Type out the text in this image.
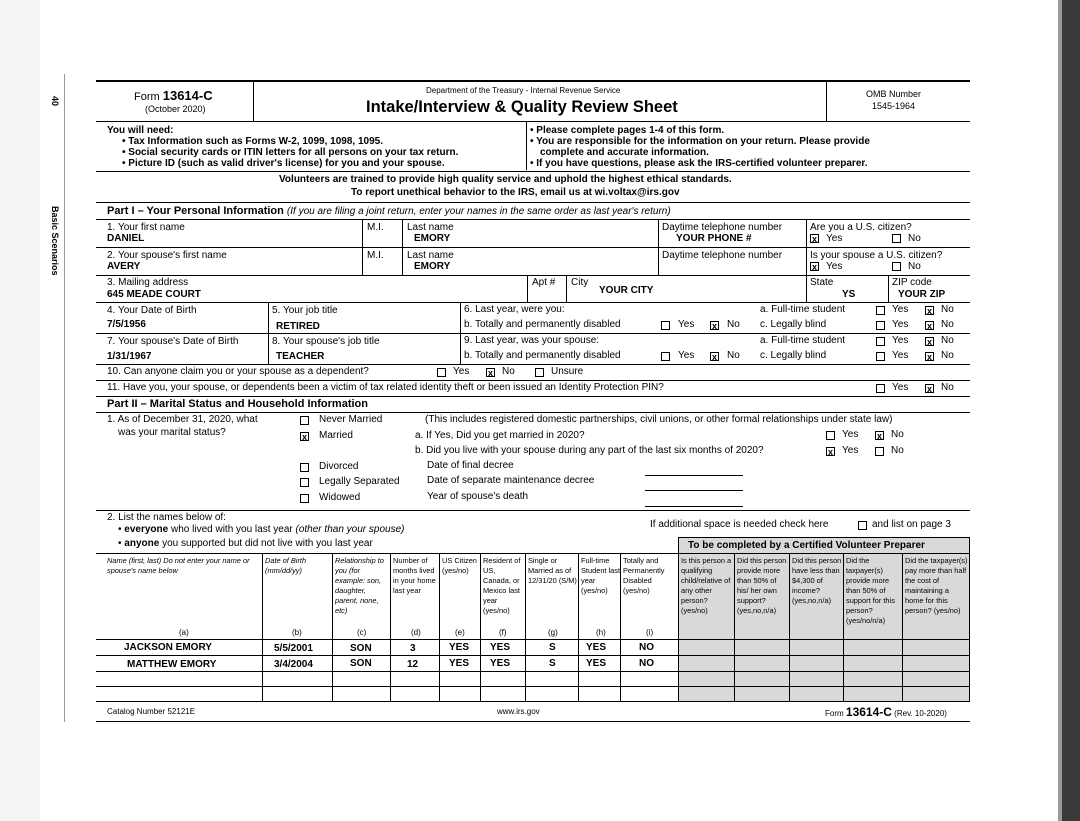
40
Basic Scenarios
Form 13614-C
(October 2020)
Department of the Treasury - Internal Revenue Service
Intake/Interview & Quality Review Sheet
OMB Number
1545-1964
You will need:
• Tax Information such as Forms W-2, 1099, 1098, 1095.
• Social security cards or ITIN letters for all persons on your tax return.
• Picture ID (such as valid driver's license) for you and your spouse.
• Please complete pages 1-4 of this form.
• You are responsible for the information on your return. Please provide
complete and accurate information.
• If you have questions, please ask the IRS-certified volunteer preparer.
Volunteers are trained to provide high quality service and uphold the highest ethical standards.
To report unethical behavior to the IRS, email us at wi.voltax@irs.gov
Part I – Your Personal Information (If you are filing a joint return, enter your names in the same order as last year's return)
1. Your first name
DANIEL
M.I. Last name
EMORY
Daytime telephone number
YOUR PHONE #
Are you a U.S. citizen?
x Yes	No
2. Your spouse's first name
AVERY
M.I. Last name
EMORY
Daytime telephone number	Is your spouse a U.S. citizen?
x Yes	No
3. Mailing address
645 MEADE COURT
Apt # City
YOUR CITY
State
YS
ZIP code
YOUR ZIP
4. Your Date of Birth
7/5/1956
5. Your job title
RETIRED
6. Last year, were you:	a. Full-time student	Yes x No
b. Totally and permanently disabled	Yes x No c. Legally blind	Yes x No
7. Your spouse's Date of Birth
1/31/1967
8. Your spouse's job title
TEACHER
9. Last year, was your spouse:	a. Full-time student	Yes x No
b. Totally and permanently disabled	Yes x No c. Legally blind	Yes x No
10. Can anyone claim you or your spouse as a dependent?	Yes x No	Unsure
11. Have you, your spouse, or dependents been a victim of tax related identity theft or been issued an Identity Protection PIN?	Yes x No
Part II – Marital Status and Household Information
1. As of December 31, 2020, what
was your marital status?
Never Married
x Married
(This includes registered domestic partnerships, civil unions, or other formal relationships under state law)
a. If Yes, Did you get married in 2020?	Yes x No
b. Did you live with your spouse during any part of the last six months of 2020?	x Yes	No
Divorced	Date of final decree
Legally Separated	Date of separate maintenance decree
Widowed	Year of spouse's death
2. List the names below of:
• everyone who lived with you last year (other than your spouse)
• anyone you supported but did not live with you last year
If additional space is needed check here	and list on page 3
To be completed by a Certified Volunteer Preparer
Name (first, last) Do not enter your name or spouse's name below
Date of Birth (mm/dd/yy)
Relationship to you (for example: son, daughter, parent, none, etc)
Number of months lived in your home last year
US Citizen (yes/no)
Resident of US, Canada, or Mexico last year (yes/no)
Single or Married as of 12/31/20 (S/M)
Full-time Student last year (yes/no)
Totally and Permanently Disabled (yes/no)
Is this person a qualifying child/relative of any other person? (yes/no)
Did this person provide more than 50% of his/ her own support? (yes,no,n/a)
Did this person have less than $4,300 of income? (yes,no,n/a)
Did the taxpayer(s) provide more than 50% of support for this person? (yes/no/n/a)
Did the taxpayer(s) pay more than half the cost of maintaining a home for this person? (yes/no)
(a)	(b)	(c)	(d)	(e)	(f)	(g)	(h)	(i)
JACKSON EMORY	5/5/2001	SON	3	YES YES	S	YES	NO
MATTHEW EMORY	3/4/2004	SON	12	YES YES	S	YES	NO
Catalog Number 52121E	www.irs.gov	Form 13614-C (Rev. 10-2020)
